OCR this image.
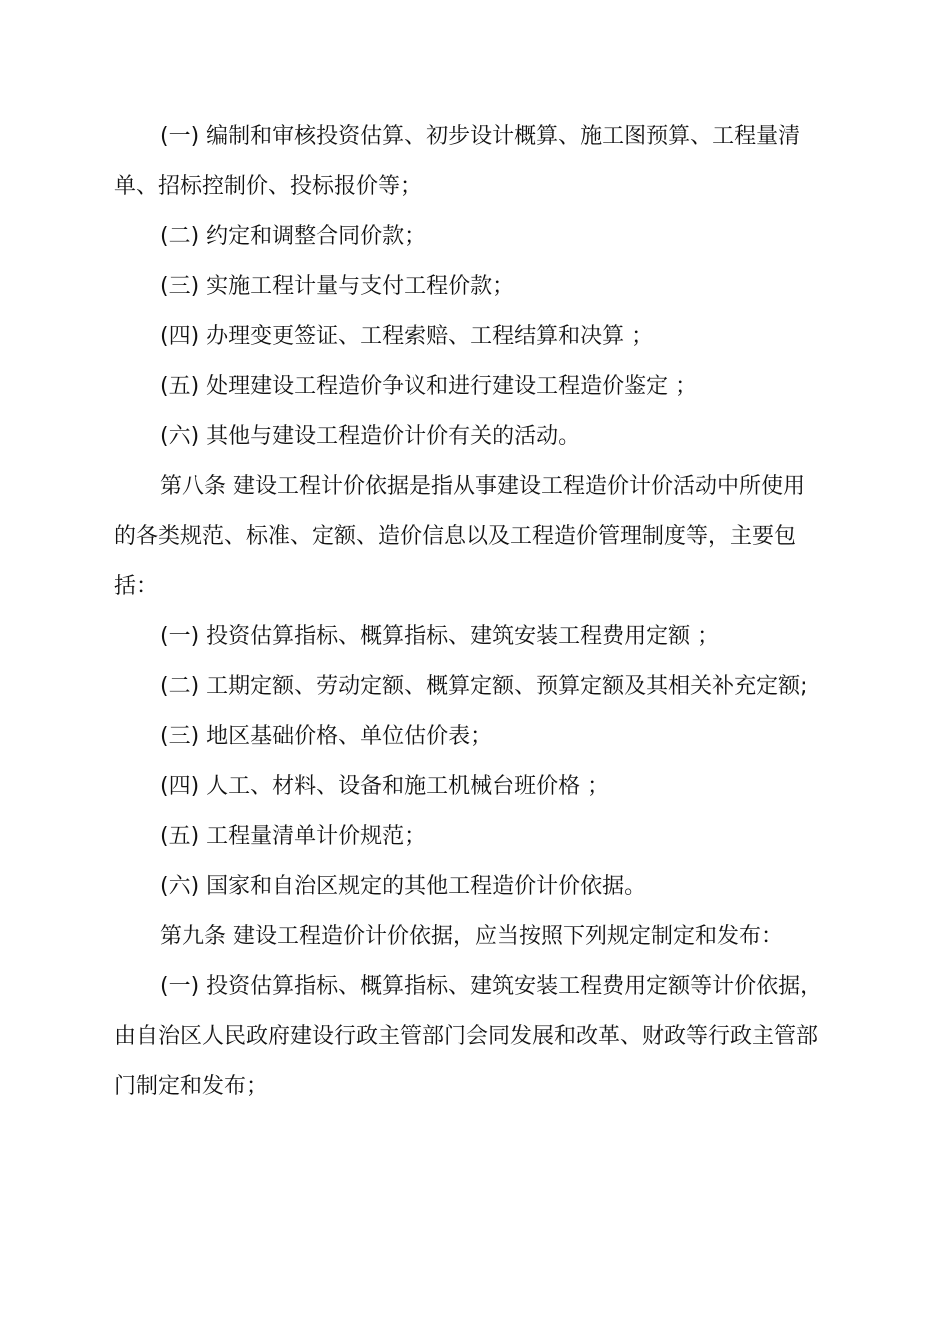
(一) 编制和审核投资估算、初步设计概算、施工图预算、工程量清单、招标控制价、投标报价等；

(二) 约定和调整合同价款；

(三) 实施工程计量与支付工程价款；

(四) 办理变更签证、工程索赔、工程结算和决算 ；

(五) 处理建设工程造价争议和进行建设工程造价鉴定 ；

(六) 其他与建设工程造价计价有关的活动。

第八条 建设工程计价依据是指从事建设工程造价计价活动中所使用的各类规范、标准、定额、造价信息以及工程造价管理制度等，主要包括：

(一) 投资估算指标、概算指标、建筑安装工程费用定额 ；

(二) 工期定额、劳动定额、概算定额、预算定额及其相关补充定额;

(三) 地区基础价格、单位估价表；

(四) 人工、材料、设备和施工机械台班价格 ；

(五) 工程量清单计价规范；

(六) 国家和自治区规定的其他工程造价计价依据。

第九条 建设工程造价计价依据，应当按照下列规定制定和发布：

(一) 投资估算指标、概算指标、建筑安装工程费用定额等计价依据，由自治区人民政府建设行政主管部门会同发展和改革、财政等行政主管部门制定和发布；
